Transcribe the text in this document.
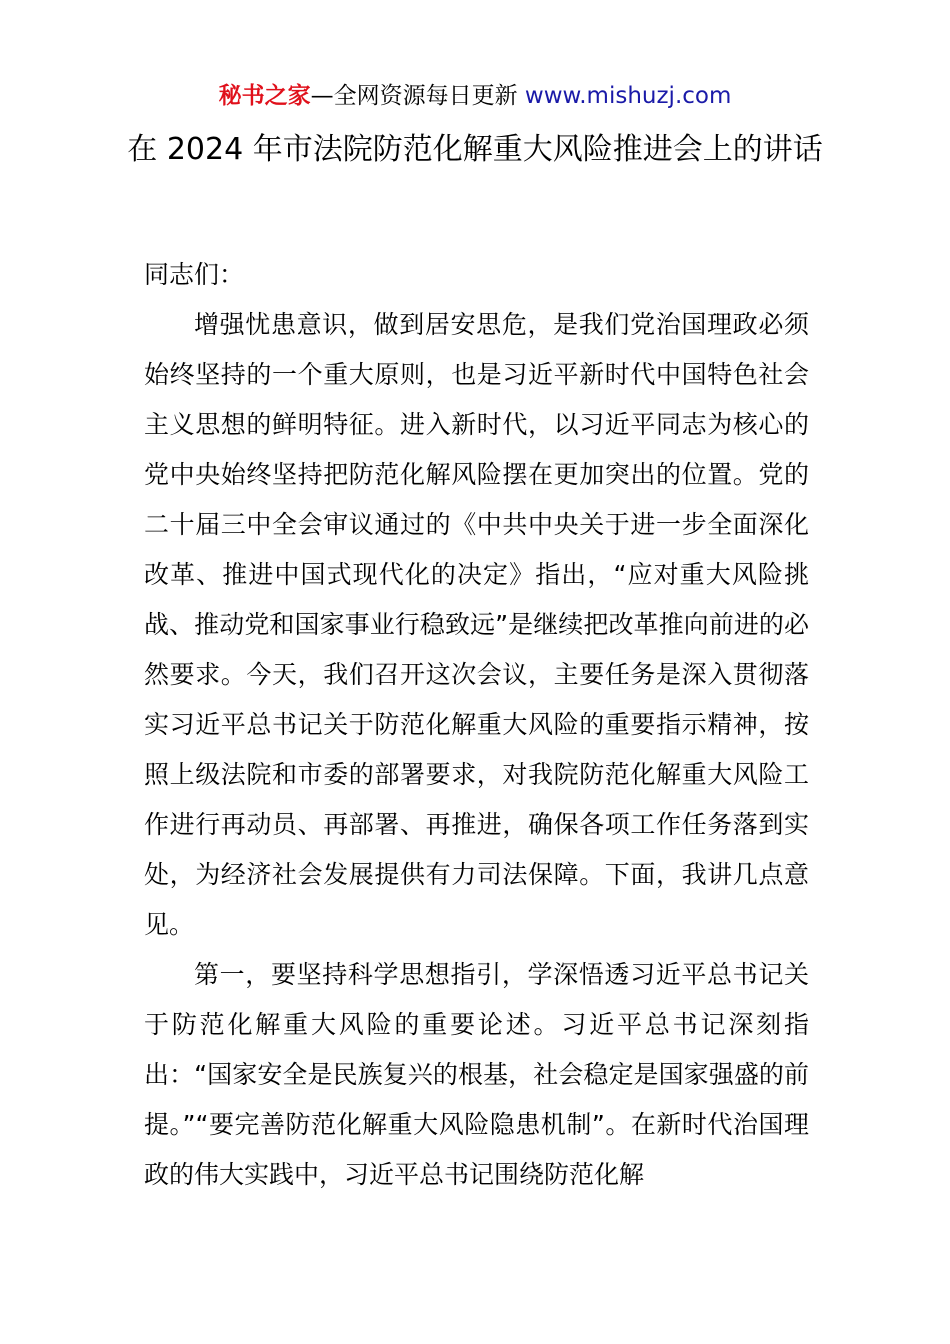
秘书之家—全网资源每日更新 www.mishuzj.com
在 2024 年市法院防范化解重大风险推进会上的讲话

同志们：

增强忧患意识，做到居安思危，是我们党治国理政必须始终坚持的一个重大原则，也是习近平新时代中国特色社会主义思想的鲜明特征。进入新时代，以习近平同志为核心的党中央始终坚持把防范化解风险摆在更加突出的位置。党的二十届三中全会审议通过的《中共中央关于进一步全面深化改革、推进中国式现代化的决定》指出，“应对重大风险挑战、推动党和国家事业行稳致远”是继续把改革推向前进的必然要求。今天，我们召开这次会议，主要任务是深入贯彻落实习近平总书记关于防范化解重大风险的重要指示精神，按照上级法院和市委的部署要求，对我院防范化解重大风险工作进行再动员、再部署、再推进，确保各项工作任务落到实处，为经济社会发展提供有力司法保障。下面，我讲几点意见。

第一，要坚持科学思想指引，学深悟透习近平总书记关于防范化解重大风险的重要论述。习近平总书记深刻指出：“国家安全是民族复兴的根基，社会稳定是国家强盛的前提。”“要完善防范化解重大风险隐患机制”。在新时代治国理政的伟大实践中，习近平总书记围绕防范化解
